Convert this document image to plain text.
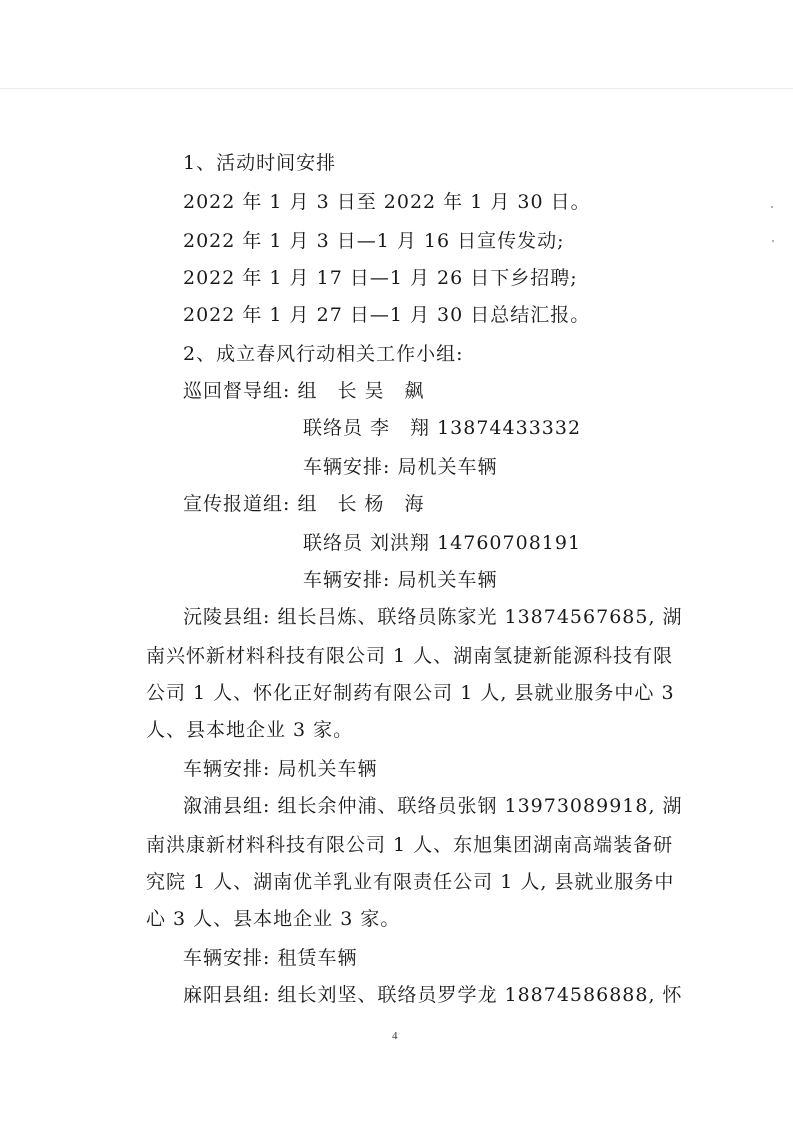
1、活动时间安排
2022 年 1 月 3 日至 2022 年 1 月 30 日。
2022 年 1 月 3 日—1 月 16 日宣传发动;
2022 年 1 月 17 日—1 月 26 日下乡招聘;
2022 年 1 月 27 日—1 月 30 日总结汇报。
2、成立春风行动相关工作小组:
巡回督导组: 组　长 吴　飙
联络员 李　翔 13874433332
车辆安排: 局机关车辆
宣传报道组: 组　长 杨　海
联络员 刘洪翔 14760708191
车辆安排: 局机关车辆
沅陵县组: 组长吕炼、联络员陈家光 13874567685, 湖
南兴怀新材料科技有限公司 1 人、湖南氢捷新能源科技有限
公司 1 人、怀化正好制药有限公司 1 人, 县就业服务中心 3
人、县本地企业 3 家。
车辆安排: 局机关车辆
溆浦县组: 组长余仲浦、联络员张钢 13973089918, 湖
南洪康新材料科技有限公司 1 人、东旭集团湖南高端装备研
究院 1 人、湖南优羊乳业有限责任公司 1 人, 县就业服务中
心 3 人、县本地企业 3 家。
车辆安排: 租赁车辆
麻阳县组: 组长刘坚、联络员罗学龙 18874586888, 怀
4
